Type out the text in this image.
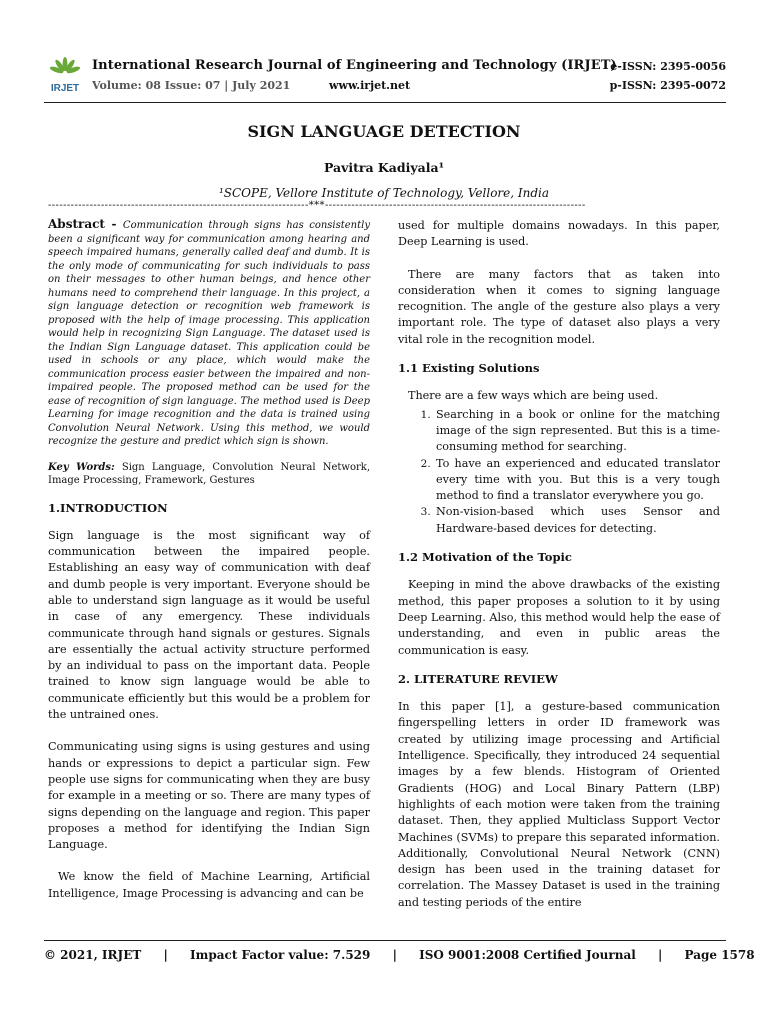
IRJET
International Research Journal of Engineering and Technology (IRJET)
Volume: 08 Issue: 07 | July 2021	www.irjet.net
e-ISSN: 2395-0056
p-ISSN: 2395-0072
SIGN LANGUAGE DETECTION
Pavitra Kadiyala¹
¹SCOPE, Vellore Institute of Technology, Vellore, India
---------------------------------------------------------------------***---------------------------------------------------------------------

Abstract - Communication through signs has consistently been a significant way for communication among hearing and speech impaired humans, generally called deaf and dumb. It is the only mode of communicating for such individuals to pass on their messages to other human beings, and hence other humans need to comprehend their language. In this project, a sign language detection or recognition web framework is proposed with the help of image processing. This application would help in recognizing Sign Language. The dataset used is the Indian Sign Language dataset. This application could be used in schools or any place, which would make the communication process easier between the impaired and non-impaired people. The proposed method can be used for the ease of recognition of sign language. The method used is Deep Learning for image recognition and the data is trained using Convolution Neural Network. Using this method, we would recognize the gesture and predict which sign is shown.

Key Words: Sign Language, Convolution Neural Network, Image Processing, Framework, Gestures

1.INTRODUCTION

Sign language is the most significant way of communication between the impaired people. Establishing an easy way of communication with deaf and dumb people is very important. Everyone should be able to understand sign language as it would be useful in case of any emergency. These individuals communicate through hand signals or gestures. Signals are essentially the actual activity structure performed by an individual to pass on the important data. People trained to know sign language would be able to communicate efficiently but this would be a problem for the untrained ones.

Communicating using signs is using gestures and using hands or expressions to depict a particular sign. Few people use signs for communicating when they are busy for example in a meeting or so. There are many types of signs depending on the language and region. This paper proposes a method for identifying the Indian Sign Language.

We know the field of Machine Learning, Artificial Intelligence, Image Processing is advancing and can be

used for multiple domains nowadays. In this paper, Deep Learning is used.

There are many factors that as taken into consideration when it comes to signing language recognition. The angle of the gesture also plays a very important role. The type of dataset also plays a very vital role in the recognition model.

1.1 Existing Solutions

There are a few ways which are being used.

1. Searching in a book or online for the matching image of the sign represented. But this is a time-consuming method for searching.
2. To have an experienced and educated translator every time with you. But this is a very tough method to find a translator everywhere you go.
3. Non-vision-based which uses Sensor and Hardware-based devices for detecting.

1.2 Motivation of the Topic

Keeping in mind the above drawbacks of the existing method, this paper proposes a solution to it by using Deep Learning. Also, this method would help the ease of understanding, and even in public areas the communication is easy.

2. LITERATURE REVIEW

In this paper [1], a gesture-based communication fingerspelling letters in order ID framework was created by utilizing image processing and Artificial Intelligence. Specifically, they introduced 24 sequential images by a few blends. Histogram of Oriented Gradients (HOG) and Local Binary Pattern (LBP) highlights of each motion were taken from the training dataset. Then, they applied Multiclass Support Vector Machines (SVMs) to prepare this separated information. Additionally, Convolutional Neural Network (CNN) design has been used in the training dataset for correlation. The Massey Dataset is used in the training and testing periods of the entire

© 2021, IRJET | Impact Factor value: 7.529 | ISO 9001:2008 Certified Journal | Page 1578
